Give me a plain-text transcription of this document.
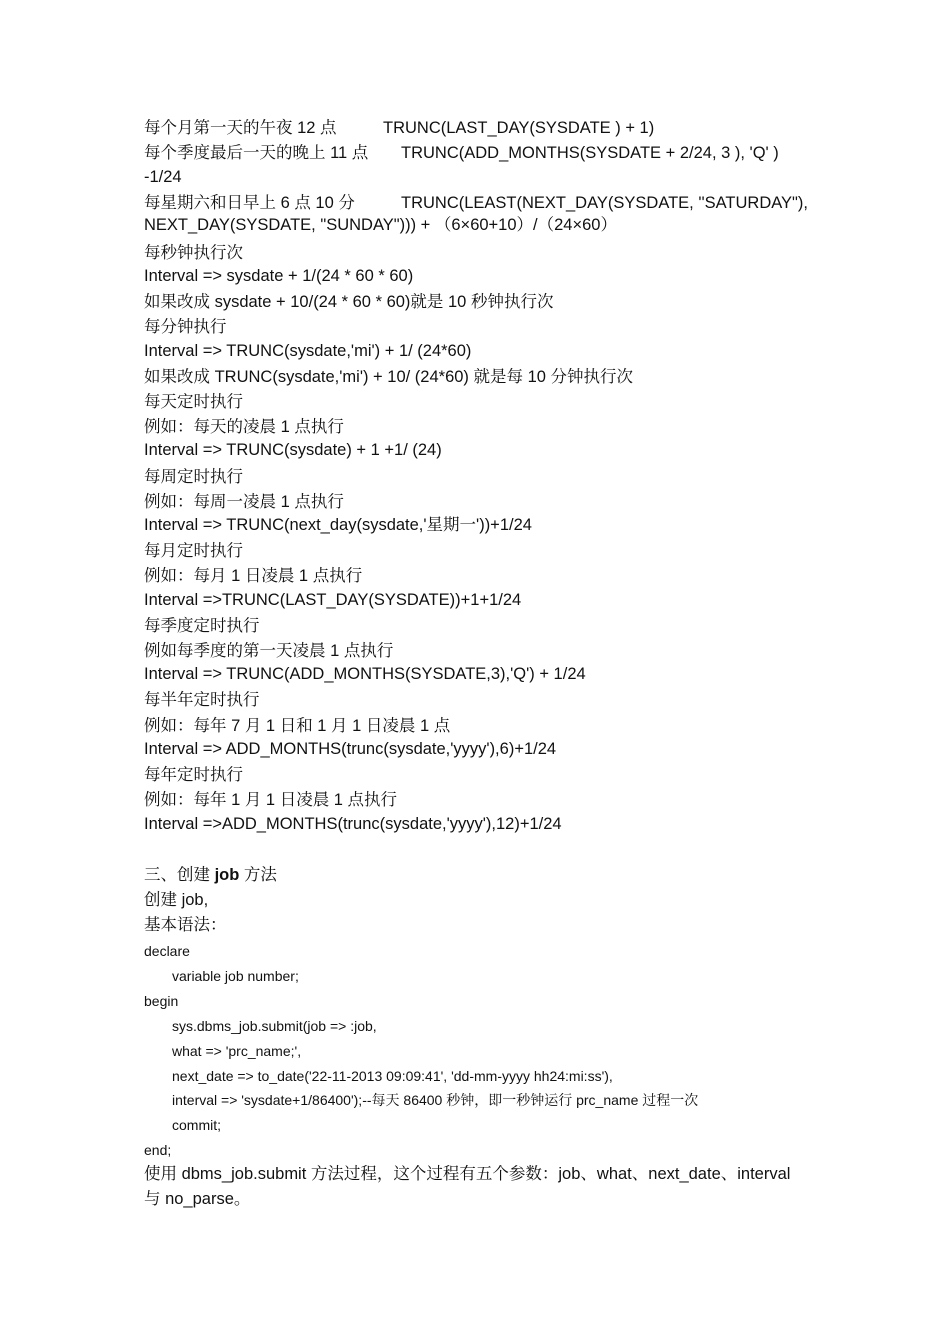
每个月第一天的午夜 12 点

	TRUNC(LAST_DAY(SYSDATE ) + 1)

每个季度最后一天的晚上 11 点

TRUNC(ADD_MONTHS(SYSDATE + 2/24, 3 ), 'Q' )

-1/24

每星期六和日早上 6 点 10 分

	TRUNC(LEAST(NEXT_DAY(SYSDATE, ''SATURDAY"),

NEXT_DAY(SYSDATE, "SUNDAY"))) + （6×60+10）/（24×60）
每秒钟执行次
Interval => sysdate + 1/(24 * 60 * 60)
如果改成 sysdate + 10/(24 * 60 * 60)就是 10 秒钟执行次
每分钟执行
Interval => TRUNC(sysdate,'mi') + 1/ (24*60)
如果改成 TRUNC(sysdate,'mi') + 10/ (24*60) 就是每 10 分钟执行次
每天定时执行
例如：每天的凌晨 1 点执行
Interval => TRUNC(sysdate) + 1 +1/ (24)
每周定时执行
例如：每周一凌晨 1 点执行
Interval => TRUNC(next_day(sysdate,'星期一'))+1/24
每月定时执行
例如：每月 1 日凌晨 1 点执行
Interval =>TRUNC(LAST_DAY(SYSDATE))+1+1/24
每季度定时执行
例如每季度的第一天凌晨 1 点执行
Interval => TRUNC(ADD_MONTHS(SYSDATE,3),'Q') + 1/24
每半年定时执行
例如：每年 7 月 1 日和 1 月 1 日凌晨 1 点
Interval => ADD_MONTHS(trunc(sysdate,'yyyy'),6)+1/24
每年定时执行
例如：每年 1 月 1 日凌晨 1 点执行
Interval =>ADD_MONTHS(trunc(sysdate,'yyyy'),12)+1/24
三、创建 job 方法
创建 job,
基本语法：
declare
variable job number;
begin
sys.dbms_job.submit(job => :job,
what => 'prc_name;',
next_date => to_date('22-11-2013 09:09:41', 'dd-mm-yyyy hh24:mi:ss'),
interval => 'sysdate+1/86400');--每天 86400 秒钟，即一秒钟运行 prc_name 过程一次
commit;
end;
使用 dbms_job.submit 方法过程，这个过程有五个参数：job、what、next_date、interval
与 no_parse。
